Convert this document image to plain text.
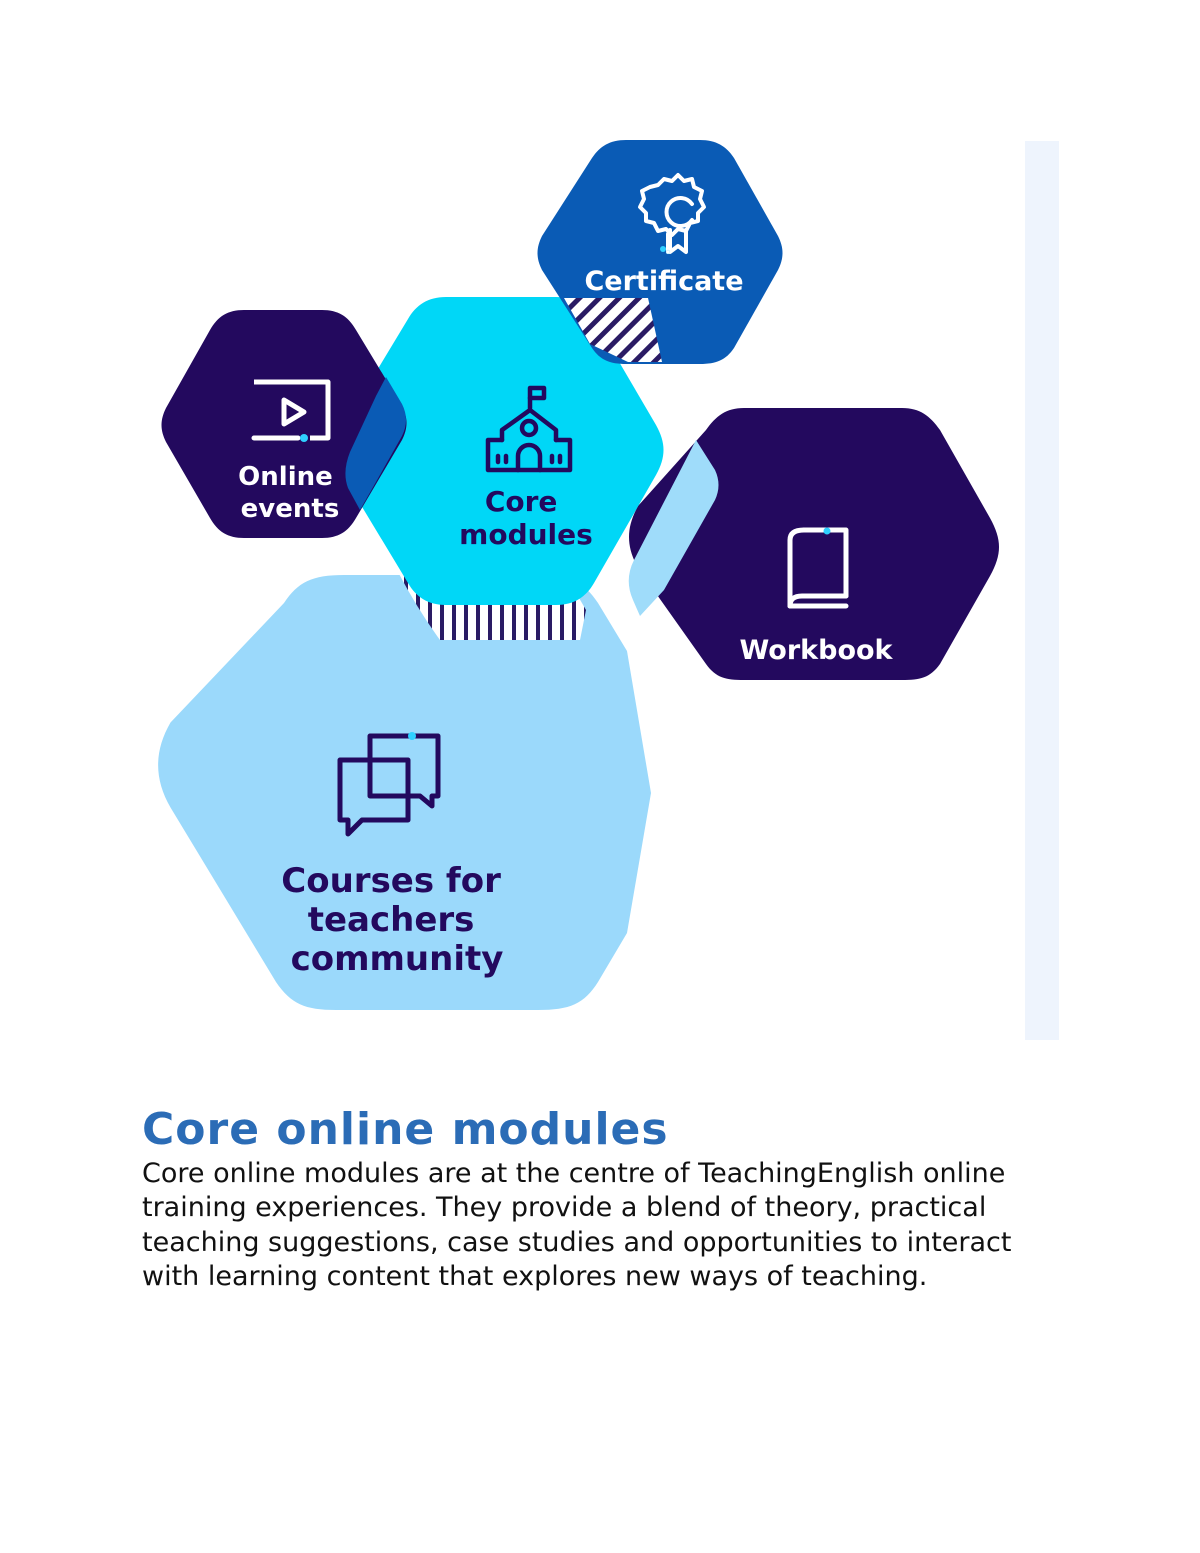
Certificate
Online events	Core modules
Workbook
Courses for teachers community
Core online modules

Core online modules are at the centre of TeachingEnglish online training experiences. They provide a blend of theory, practical teaching suggestions, case studies and opportunities to interact with learning content that explores new ways of teaching.
